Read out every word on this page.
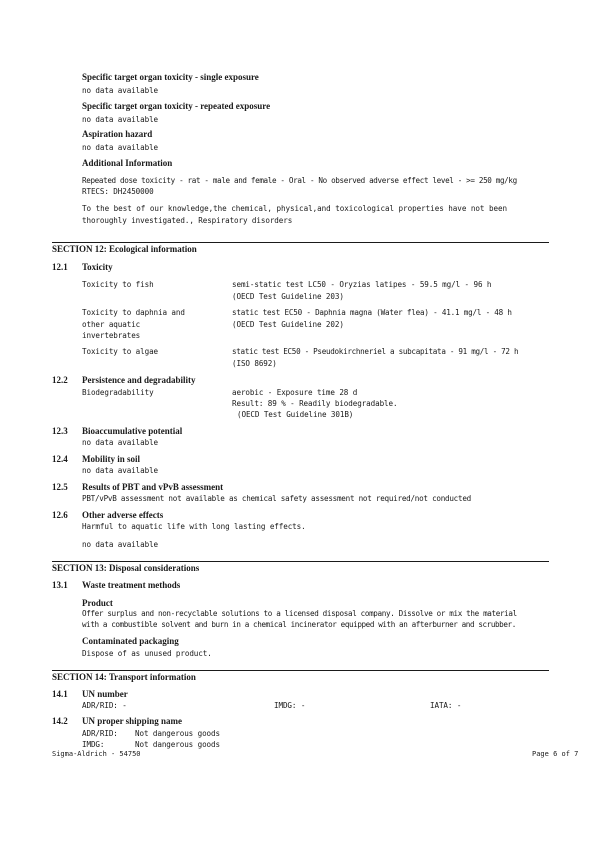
Specific target organ toxicity - single exposure
no data available
Specific target organ toxicity - repeated exposure
no data available
Aspiration hazard
no data available
Additional Information
Repeated dose toxicity - rat - male and female - Oral - No observed adverse effect level - >= 250 mg/kg
RTECS: DH2450000
To the best of our knowledge,the chemical, physical,and toxicological properties have not been
thoroughly investigated., Respiratory disorders
SECTION 12: Ecological information
12.1 Toxicity
Toxicity to fish	semi-static test LC50 - Oryzias latipes - 59.5 mg/l - 96 h
(OECD Test Guideline 203)
Toxicity to daphnia and
other aquatic
invertebrates
static test EC50 - Daphnia magna (Water flea) - 41.1 mg/l - 48 h
(OECD Test Guideline 202)
Toxicity to algae	static test EC50 - Pseudokirchneriel a subcapitata - 91 mg/l - 72 h
(ISO 8692)
12.2 Persistence and degradability
Biodegradability	aerobic - Exposure time 28 d
Result: 89 % - Readily biodegradable.
(OECD Test Guideline 301B)
12.3 Bioaccumulative potential
no data available
12.4 Mobility in soil
no data available
12.5 Results of PBT and vPvB assessment
PBT/vPvB assessment not available as chemical safety assessment not required/not conducted
12.6 Other adverse effects
Harmful to aquatic life with long lasting effects.
no data available
SECTION 13: Disposal considerations
13.1 Waste treatment methods
Product
Offer surplus and non-recyclable solutions to a licensed disposal company. Dissolve or mix the material
with a combustible solvent and burn in a chemical incinerator equipped with an afterburner and scrubber.
Contaminated packaging
Dispose of as unused product.
SECTION 14: Transport information
14.1 UN number
ADR/RID: -	IMDG: -	IATA: -
14.2 UN proper shipping name
ADR/RID: Not dangerous goods
IMDG:	Not dangerous goods
Sigma-Aldrich - 54750	Page 6 of 7
